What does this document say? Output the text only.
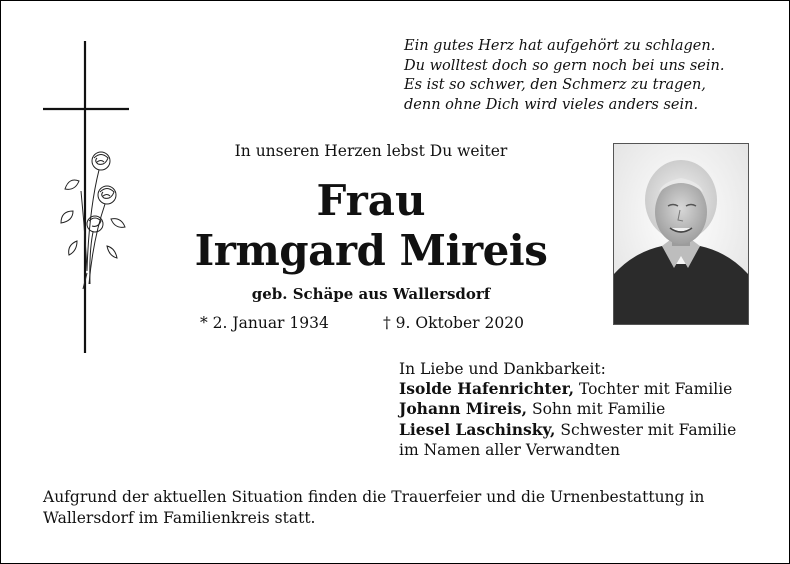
Ein gutes Herz hat aufgehört zu schlagen.
Du wolltest doch so gern noch bei uns sein.
Es ist so schwer, den Schmerz zu tragen,
denn ohne Dich wird vieles anders sein.
In unseren Herzen lebst Du weiter
Frau
Irmgard Mireis
geb. Schäpe aus Wallersdorf
* 2. Januar 1934	† 9. Oktober 2020
In Liebe und Dankbarkeit:
Isolde Hafenrichter, Tochter mit Familie
Johann Mireis, Sohn mit Familie
Liesel Laschinsky, Schwester mit Familie
im Namen aller Verwandten
Aufgrund der aktuellen Situation finden die Trauerfeier und die Urnenbestattung in Wallersdorf im Familienkreis statt.
